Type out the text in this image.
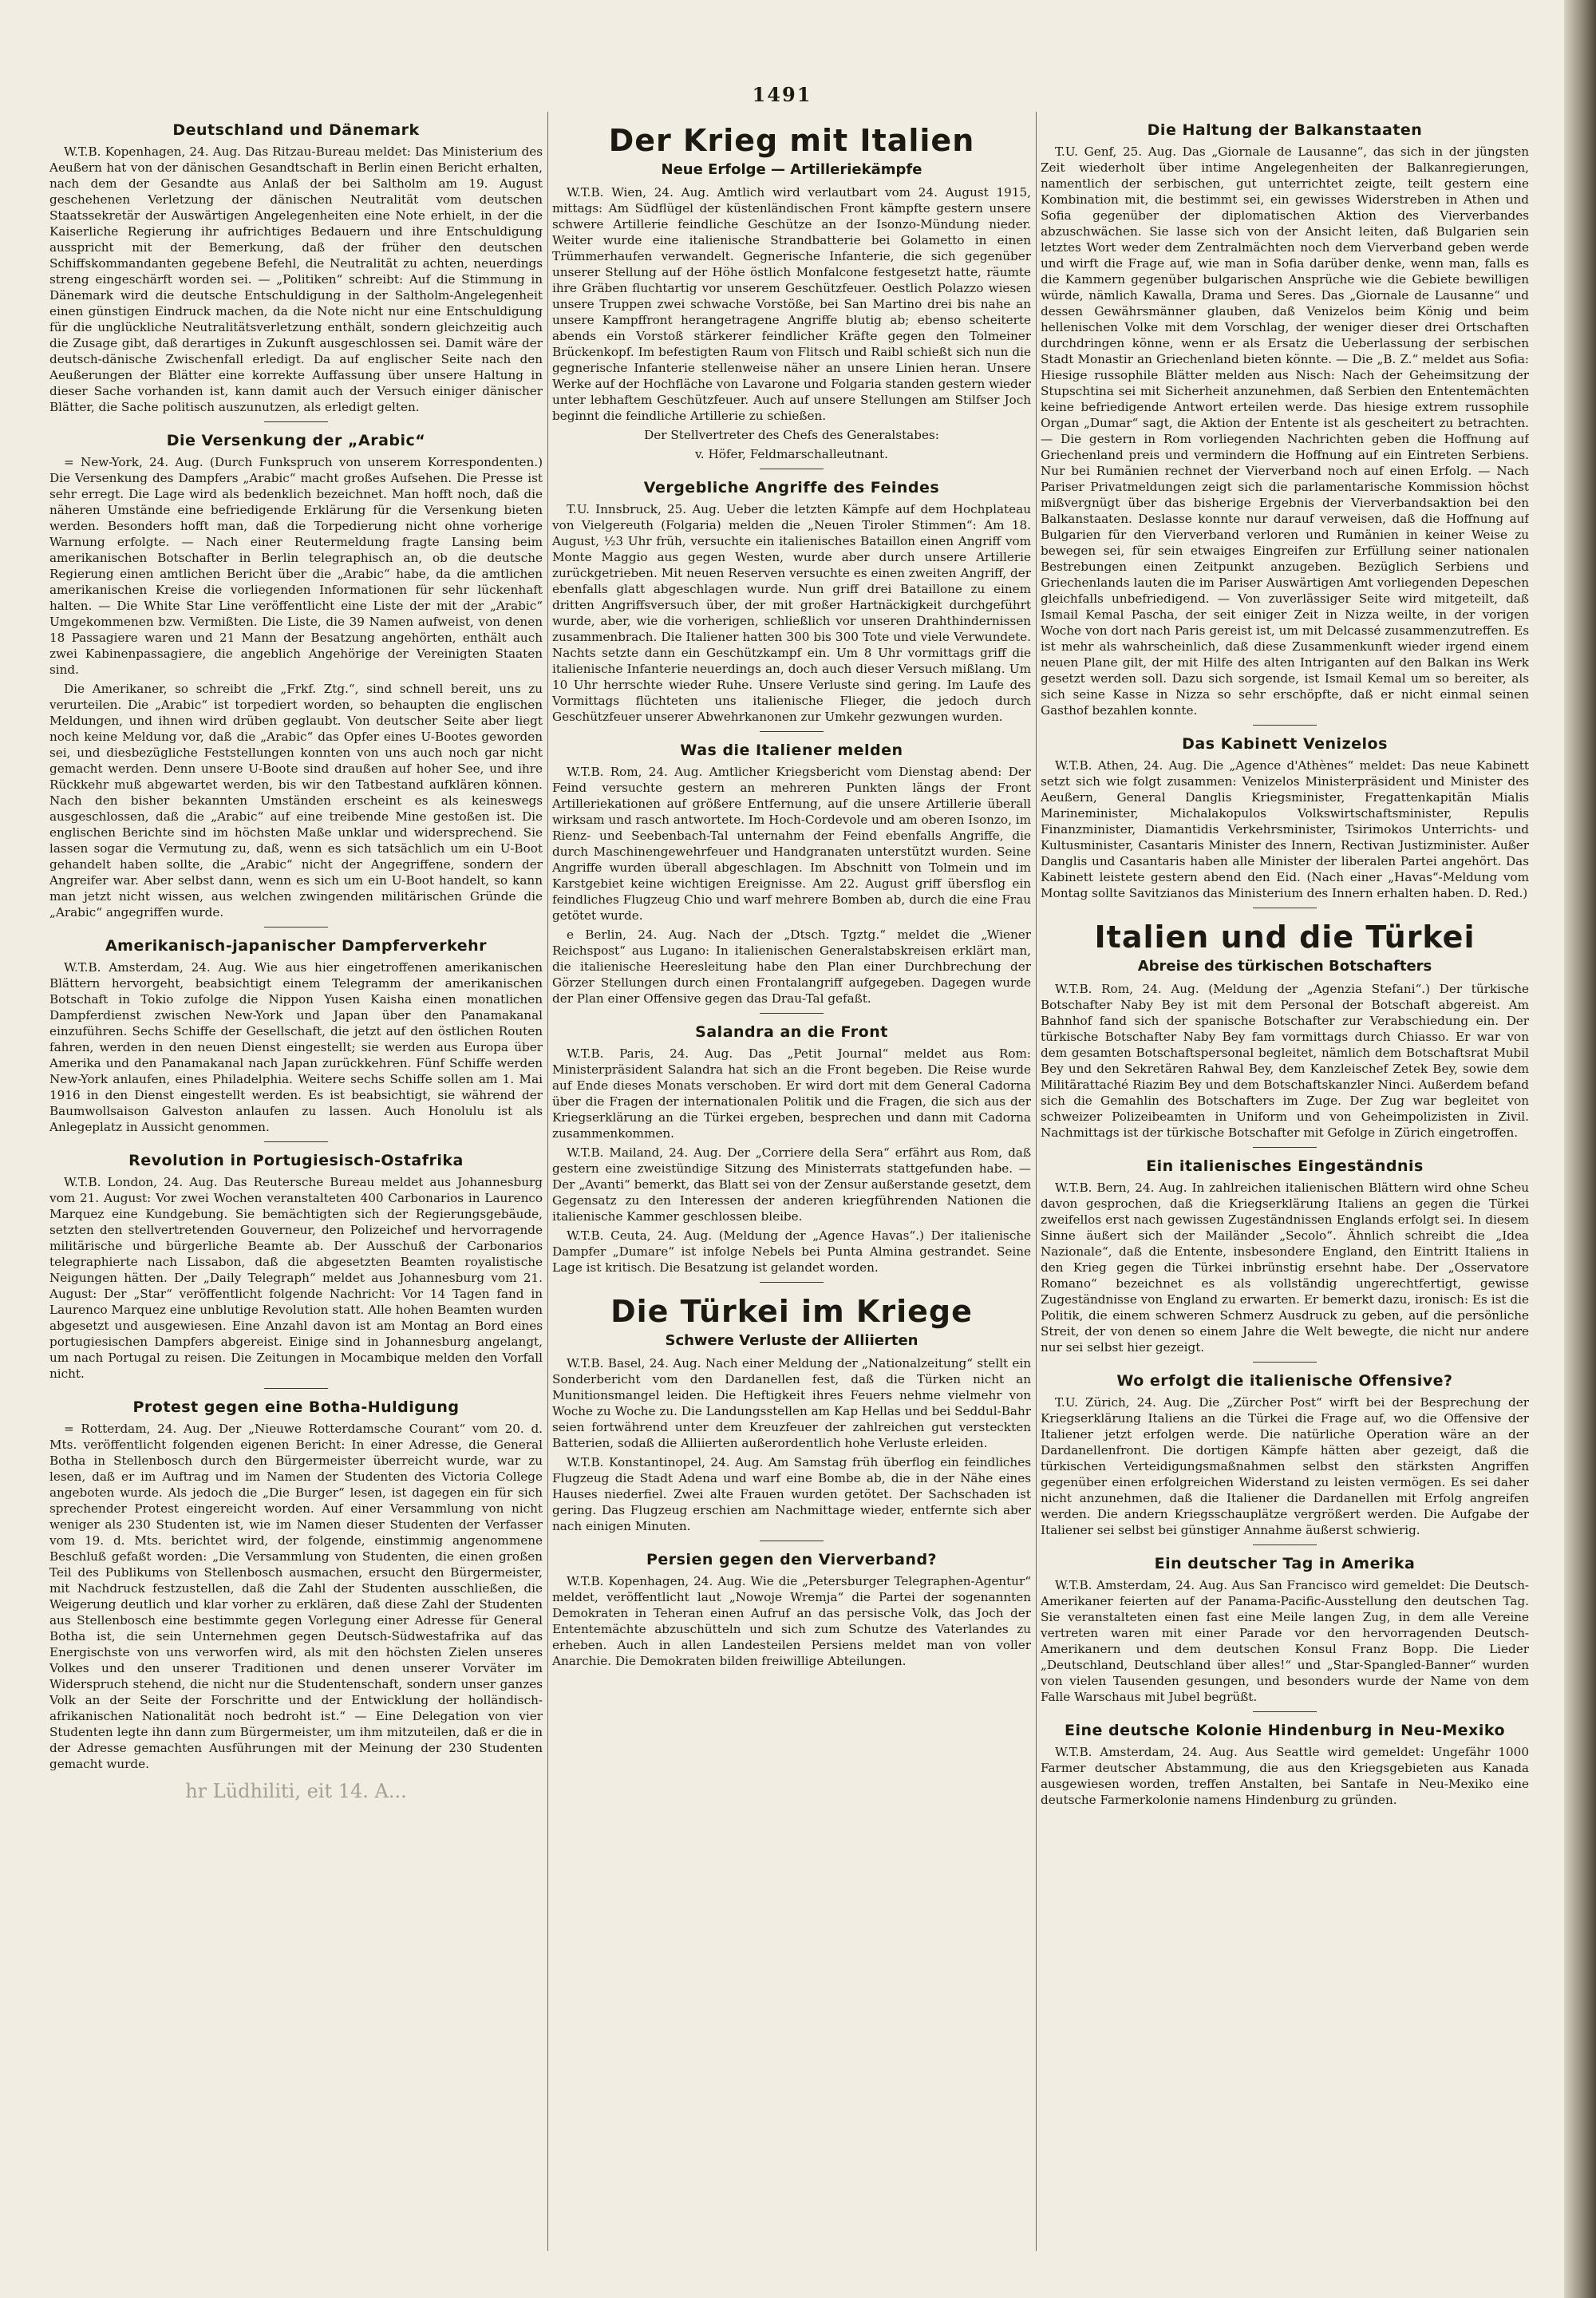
1491
Deutschland und Dänemark

W.T.B. Kopenhagen, 24. Aug. Das Ritzau-Bureau meldet: Das Ministerium des Aeußern hat von der dänischen Gesandtschaft in Berlin einen Bericht erhalten, nach dem der Gesandte aus Anlaß der bei Saltholm am 19. August geschehenen Verletzung der dänischen Neutralität vom deutschen Staatssekretär der Auswärtigen Angelegenheiten eine Note erhielt, in der die Kaiserliche Regierung ihr aufrichtiges Bedauern und ihre Entschuldigung ausspricht mit der Bemerkung, daß der früher den deutschen Schiffskommandanten gegebene Befehl, die Neutralität zu achten, neuerdings streng eingeschärft worden sei. — „Politiken“ schreibt: Auf die Stimmung in Dänemark wird die deutsche Entschuldigung in der Saltholm-Angelegenheit einen günstigen Eindruck machen, da die Note nicht nur eine Entschuldigung für die unglückliche Neutralitätsverletzung enthält, sondern gleichzeitig auch die Zusage gibt, daß derartiges in Zukunft ausgeschlossen sei. Damit wäre der deutsch-dänische Zwischenfall erledigt. Da auf englischer Seite nach den Aeußerungen der Blätter eine korrekte Auffassung über unsere Haltung in dieser Sache vorhanden ist, kann damit auch der Versuch einiger dänischer Blätter, die Sache politisch auszunutzen, als erledigt gelten.

Die Versenkung der „Arabic“

= New-York, 24. Aug. (Durch Funkspruch von unserem Korrespondenten.) Die Versenkung des Dampfers „Arabic“ macht großes Aufsehen. Die Presse ist sehr erregt. Die Lage wird als bedenklich bezeichnet. Man hofft noch, daß die näheren Umstände eine befriedigende Erklärung für die Versenkung bieten werden. Besonders hofft man, daß die Torpedierung nicht ohne vorherige Warnung erfolgte. — Nach einer Reutermeldung fragte Lansing beim amerikanischen Botschafter in Berlin telegraphisch an, ob die deutsche Regierung einen amtlichen Bericht über die „Arabic“ habe, da die amtlichen amerikanischen Kreise die vorliegenden Informationen für sehr lückenhaft halten. — Die White Star Line veröffentlicht eine Liste der mit der „Arabic“ Umgekommenen bzw. Vermißten. Die Liste, die 39 Namen aufweist, von denen 18 Passagiere waren und 21 Mann der Besatzung angehörten, enthält auch zwei Kabinenpassagiere, die angeblich Angehörige der Vereinigten Staaten sind.

Die Amerikaner, so schreibt die „Frkf. Ztg.“, sind schnell bereit, uns zu verurteilen. Die „Arabic“ ist torpediert worden, so behaupten die englischen Meldungen, und ihnen wird drüben geglaubt. Von deutscher Seite aber liegt noch keine Meldung vor, daß die „Arabic“ das Opfer eines U-Bootes geworden sei, und diesbezügliche Feststellungen konnten von uns auch noch gar nicht gemacht werden. Denn unsere U-Boote sind draußen auf hoher See, und ihre Rückkehr muß abgewartet werden, bis wir den Tatbestand aufklären können. Nach den bisher bekannten Umständen erscheint es als keineswegs ausgeschlossen, daß die „Arabic“ auf eine treibende Mine gestoßen ist. Die englischen Berichte sind im höchsten Maße unklar und widersprechend. Sie lassen sogar die Vermutung zu, daß, wenn es sich tatsächlich um ein U-Boot gehandelt haben sollte, die „Arabic“ nicht der Angegriffene, sondern der Angreifer war. Aber selbst dann, wenn es sich um ein U-Boot handelt, so kann man jetzt nicht wissen, aus welchen zwingenden militärischen Gründe die „Arabic“ angegriffen wurde.

Amerikanisch-japanischer Dampferverkehr

W.T.B. Amsterdam, 24. Aug. Wie aus hier eingetroffenen amerikanischen Blättern hervorgeht, beabsichtigt einem Telegramm der amerikanischen Botschaft in Tokio zufolge die Nippon Yusen Kaisha einen monatlichen Dampferdienst zwischen New-York und Japan über den Panamakanal einzuführen. Sechs Schiffe der Gesellschaft, die jetzt auf den östlichen Routen fahren, werden in den neuen Dienst eingestellt; sie werden aus Europa über Amerika und den Panamakanal nach Japan zurückkehren. Fünf Schiffe werden New-York anlaufen, eines Philadelphia. Weitere sechs Schiffe sollen am 1. Mai 1916 in den Dienst eingestellt werden. Es ist beabsichtigt, sie während der Baumwollsaison Galveston anlaufen zu lassen. Auch Honolulu ist als Anlegeplatz in Aussicht genommen.

Revolution in Portugiesisch-Ostafrika

W.T.B. London, 24. Aug. Das Reutersche Bureau meldet aus Johannesburg vom 21. August: Vor zwei Wochen veranstalteten 400 Carbonarios in Laurenco Marquez eine Kundgebung. Sie bemächtigten sich der Regierungsgebäude, setzten den stellvertretenden Gouverneur, den Polizeichef und hervorragende militärische und bürgerliche Beamte ab. Der Ausschuß der Carbonarios telegraphierte nach Lissabon, daß die abgesetzten Beamten royalistische Neigungen hätten. Der „Daily Telegraph“ meldet aus Johannesburg vom 21. August: Der „Star“ veröffentlicht folgende Nachricht: Vor 14 Tagen fand in Laurenco Marquez eine unblutige Revolution statt. Alle hohen Beamten wurden abgesetzt und ausgewiesen. Eine Anzahl davon ist am Montag an Bord eines portugiesischen Dampfers abgereist. Einige sind in Johannesburg angelangt, um nach Portugal zu reisen. Die Zeitungen in Mocambique melden den Vorfall nicht.

Protest gegen eine Botha-Huldigung

= Rotterdam, 24. Aug. Der „Nieuwe Rotterdamsche Courant“ vom 20. d. Mts. veröffentlicht folgenden eigenen Bericht: In einer Adresse, die General Botha in Stellenbosch durch den Bürgermeister überreicht wurde, war zu lesen, daß er im Auftrag und im Namen der Studenten des Victoria College angeboten wurde. Als jedoch die „Die Burger“ lesen, ist dagegen ein für sich sprechender Protest eingereicht worden. Auf einer Versammlung von nicht weniger als 230 Studenten ist, wie im Namen dieser Studenten der Verfasser vom 19. d. Mts. berichtet wird, der folgende, einstimmig angenommene Beschluß gefaßt worden: „Die Versammlung von Studenten, die einen großen Teil des Publikums von Stellenbosch ausmachen, ersucht den Bürgermeister, mit Nachdruck festzustellen, daß die Zahl der Studenten ausschließen, die Weigerung deutlich und klar vorher zu erklären, daß diese Zahl der Studenten aus Stellenbosch eine bestimmte gegen Vorlegung einer Adresse für General Botha ist, die sein Unternehmen gegen Deutsch-Südwestafrika auf das Energischste von uns verworfen wird, als mit den höchsten Zielen unseres Volkes und den unserer Traditionen und denen unserer Vorväter im Widerspruch stehend, die nicht nur die Studentenschaft, sondern unser ganzes Volk an der Seite der Forschritte und der Entwicklung der holländisch-afrikanischen Nationalität noch bedroht ist.“ — Eine Delegation von vier Studenten legte ihn dann zum Bürgermeister, um ihm mitzuteilen, daß er die in der Adresse gemachten Ausführungen mit der Meinung der 230 Studenten gemacht wurde.

hr Lüdhiliti, eit 14. A...
Der Krieg mit Italien
Neue Erfolge — Artilleriekämpfe

W.T.B. Wien, 24. Aug. Amtlich wird verlautbart vom 24. August 1915, mittags: Am Südflügel der küstenländischen Front kämpfte gestern unsere schwere Artillerie feindliche Geschütze an der Isonzo-Mündung nieder. Weiter wurde eine italienische Strandbatterie bei Golametto in einen Trümmerhaufen verwandelt. Gegnerische Infanterie, die sich gegenüber unserer Stellung auf der Höhe östlich Monfalcone festgesetzt hatte, räumte ihre Gräben fluchtartig vor unserem Geschützfeuer. Oestlich Polazzo wiesen unsere Truppen zwei schwache Vorstöße, bei San Martino drei bis nahe an unsere Kampffront herangetragene Angriffe blutig ab; ebenso scheiterte abends ein Vorstoß stärkerer feindlicher Kräfte gegen den Tolmeiner Brückenkopf. Im befestigten Raum von Flitsch und Raibl schießt sich nun die gegnerische Infanterie stellenweise näher an unsere Linien heran. Unsere Werke auf der Hochfläche von Lavarone und Folgaria standen gestern wieder unter lebhaftem Geschützfeuer. Auch auf unsere Stellungen am Stilfser Joch beginnt die feindliche Artillerie zu schießen.

Der Stellvertreter des Chefs des Generalstabes:

v. Höfer, Feldmarschalleutnant.

Vergebliche Angriffe des Feindes

T.U. Innsbruck, 25. Aug. Ueber die letzten Kämpfe auf dem Hochplateau von Vielgereuth (Folgaria) melden die „Neuen Tiroler Stimmen“: Am 18. August, ½3 Uhr früh, versuchte ein italienisches Bataillon einen Angriff vom Monte Maggio aus gegen Westen, wurde aber durch unsere Artillerie zurückgetrieben. Mit neuen Reserven versuchte es einen zweiten Angriff, der ebenfalls glatt abgeschlagen wurde. Nun griff drei Bataillone zu einem dritten Angriffsversuch über, der mit großer Hartnäckigkeit durchgeführt wurde, aber, wie die vorherigen, schließlich vor unseren Drahthindernissen zusammenbrach. Die Italiener hatten 300 bis 300 Tote und viele Verwundete. Nachts setzte dann ein Geschützkampf ein. Um 8 Uhr vormittags griff die italienische Infanterie neuerdings an, doch auch dieser Versuch mißlang. Um 10 Uhr herrschte wieder Ruhe. Unsere Verluste sind gering. Im Laufe des Vormittags flüchteten uns italienische Flieger, die jedoch durch Geschützfeuer unserer Abwehrkanonen zur Umkehr gezwungen wurden.

Was die Italiener melden

W.T.B. Rom, 24. Aug. Amtlicher Kriegsbericht vom Dienstag abend: Der Feind versuchte gestern an mehreren Punkten längs der Front Artilleriekationen auf größere Entfernung, auf die unsere Artillerie überall wirksam und rasch antwortete. Im Hoch-Cordevole und am oberen Isonzo, im Rienz- und Seebenbach-Tal unternahm der Feind ebenfalls Angriffe, die durch Maschinengewehrfeuer und Handgranaten unterstützt wurden. Seine Angriffe wurden überall abgeschlagen. Im Abschnitt von Tolmein und im Karstgebiet keine wichtigen Ereignisse. Am 22. August griff übersflog ein feindliches Flugzeug Chio und warf mehrere Bomben ab, durch die eine Frau getötet wurde.

e Berlin, 24. Aug. Nach der „Dtsch. Tgztg.“ meldet die „Wiener Reichspost“ aus Lugano: In italienischen Generalstabskreisen erklärt man, die italienische Heeresleitung habe den Plan einer Durchbrechung der Görzer Stellungen durch einen Frontalangriff aufgegeben. Dagegen wurde der Plan einer Offensive gegen das Drau-Tal gefaßt.

Salandra an die Front

W.T.B. Paris, 24. Aug. Das „Petit Journal“ meldet aus Rom: Ministerpräsident Salandra hat sich an die Front begeben. Die Reise wurde auf Ende dieses Monats verschoben. Er wird dort mit dem General Cadorna über die Fragen der internationalen Politik und die Fragen, die sich aus der Kriegserklärung an die Türkei ergeben, besprechen und dann mit Cadorna zusammenkommen.

W.T.B. Mailand, 24. Aug. Der „Corriere della Sera“ erfährt aus Rom, daß gestern eine zweistündige Sitzung des Ministerrats stattgefunden habe. — Der „Avanti“ bemerkt, das Blatt sei von der Zensur außerstande gesetzt, dem Gegensatz zu den Interessen der anderen kriegführenden Nationen die italienische Kammer geschlossen bleibe.

W.T.B. Ceuta, 24. Aug. (Meldung der „Agence Havas“.) Der italienische Dampfer „Dumare“ ist infolge Nebels bei Punta Almina gestrandet. Seine Lage ist kritisch. Die Besatzung ist gelandet worden.

Die Türkei im Kriege
Schwere Verluste der Alliierten

W.T.B. Basel, 24. Aug. Nach einer Meldung der „Nationalzeitung“ stellt ein Sonderbericht vom den Dardanellen fest, daß die Türken nicht an Munitionsmangel leiden. Die Heftigkeit ihres Feuers nehme vielmehr von Woche zu Woche zu. Die Landungsstellen am Kap Hellas und bei Seddul-Bahr seien fortwährend unter dem Kreuzfeuer der zahlreichen gut versteckten Batterien, sodaß die Alliierten außerordentlich hohe Verluste erleiden.

W.T.B. Konstantinopel, 24. Aug. Am Samstag früh überflog ein feindliches Flugzeug die Stadt Adena und warf eine Bombe ab, die in der Nähe eines Hauses niederfiel. Zwei alte Frauen wurden getötet. Der Sachschaden ist gering. Das Flugzeug erschien am Nachmittage wieder, entfernte sich aber nach einigen Minuten.

Persien gegen den Vierverband?

W.T.B. Kopenhagen, 24. Aug. Wie die „Petersburger Telegraphen-Agentur“ meldet, veröffentlicht laut „Nowoje Wremja“ die Partei der sogenannten Demokraten in Teheran einen Aufruf an das persische Volk, das Joch der Ententemächte abzuschütteln und sich zum Schutze des Vaterlandes zu erheben. Auch in allen Landesteilen Persiens meldet man von voller Anarchie. Die Demokraten bilden freiwillige Abteilungen.

Die Haltung der Balkanstaaten

T.U. Genf, 25. Aug. Das „Giornale de Lausanne“, das sich in der jüngsten Zeit wiederholt über intime Angelegenheiten der Balkanregierungen, namentlich der serbischen, gut unterrichtet zeigte, teilt gestern eine Kombination mit, die bestimmt sei, ein gewisses Widerstreben in Athen und Sofia gegenüber der diplomatischen Aktion des Vierverbandes abzuschwächen. Sie lasse sich von der Ansicht leiten, daß Bulgarien sein letztes Wort weder dem Zentralmächten noch dem Vierverband geben werde und wirft die Frage auf, wie man in Sofia darüber denke, wenn man, falls es die Kammern gegenüber bulgarischen Ansprüche wie die Gebiete bewilligen würde, nämlich Kawalla, Drama und Seres. Das „Giornale de Lausanne“ und dessen Gewährsmänner glauben, daß Venizelos beim König und beim hellenischen Volke mit dem Vorschlag, der weniger dieser drei Ortschaften durchdringen könne, wenn er als Ersatz die Ueberlassung der serbischen Stadt Monastir an Griechenland bieten könnte. — Die „B. Z.“ meldet aus Sofia: Hiesige russophile Blätter melden aus Nisch: Nach der Geheimsitzung der Stupschtina sei mit Sicherheit anzunehmen, daß Serbien den Ententemächten keine befriedigende Antwort erteilen werde. Das hiesige extrem russophile Organ „Dumar“ sagt, die Aktion der Entente ist als gescheitert zu betrachten. — Die gestern in Rom vorliegenden Nachrichten geben die Hoffnung auf Griechenland preis und vermindern die Hoffnung auf ein Eintreten Serbiens. Nur bei Rumänien rechnet der Vierverband noch auf einen Erfolg. — Nach Pariser Privatmeldungen zeigt sich die parlamentarische Kommission höchst mißvergnügt über das bisherige Ergebnis der Vierverbandsaktion bei den Balkanstaaten. Deslasse konnte nur darauf verweisen, daß die Hoffnung auf Bulgarien für den Vierverband verloren und Rumänien in keiner Weise zu bewegen sei, für sein etwaiges Eingreifen zur Erfüllung seiner nationalen Bestrebungen einen Zeitpunkt anzugeben. Bezüglich Serbiens und Griechenlands lauten die im Pariser Auswärtigen Amt vorliegenden Depeschen gleichfalls unbefriedigend. — Von zuverlässiger Seite wird mitgeteilt, daß Ismail Kemal Pascha, der seit einiger Zeit in Nizza weilte, in der vorigen Woche von dort nach Paris gereist ist, um mit Delcassé zusammenzutreffen. Es ist mehr als wahrscheinlich, daß diese Zusammenkunft wieder irgend einem neuen Plane gilt, der mit Hilfe des alten Intriganten auf den Balkan ins Werk gesetzt werden soll. Dazu sich sorgende, ist Ismail Kemal um so bereiter, als sich seine Kasse in Nizza so sehr erschöpfte, daß er nicht einmal seinen Gasthof bezahlen konnte.

Das Kabinett Venizelos

W.T.B. Athen, 24. Aug. Die „Agence d'Athènes“ meldet: Das neue Kabinett setzt sich wie folgt zusammen: Venizelos Ministerpräsident und Minister des Aeußern, General Danglis Kriegsminister, Fregattenkapitän Mialis Marineminister, Michalakopulos Volkswirtschaftsminister, Repulis Finanzminister, Diamantidis Verkehrsminister, Tsirimokos Unterrichts- und Kultusminister, Casantaris Minister des Innern, Rectivan Justizminister. Außer Danglis und Casantaris haben alle Minister der liberalen Partei angehört. Das Kabinett leistete gestern abend den Eid. (Nach einer „Havas“-Meldung vom Montag sollte Savitzianos das Ministerium des Innern erhalten haben. D. Red.)

Italien und die Türkei
Abreise des türkischen Botschafters

W.T.B. Rom, 24. Aug. (Meldung der „Agenzia Stefani“.) Der türkische Botschafter Naby Bey ist mit dem Personal der Botschaft abgereist. Am Bahnhof fand sich der spanische Botschafter zur Verabschiedung ein. Der türkische Botschafter Naby Bey fam vormittags durch Chiasso. Er war von dem gesamten Botschaftspersonal begleitet, nämlich dem Botschaftsrat Mubil Bey und den Sekretären Rahwal Bey, dem Kanzleischef Zetek Bey, sowie dem Militärattaché Riazim Bey und dem Botschaftskanzler Ninci. Außerdem befand sich die Gemahlin des Botschafters im Zuge. Der Zug war begleitet von schweizer Polizeibeamten in Uniform und von Geheimpolizisten in Zivil. Nachmittags ist der türkische Botschafter mit Gefolge in Zürich eingetroffen.

Ein italienisches Eingeständnis

W.T.B. Bern, 24. Aug. In zahlreichen italienischen Blättern wird ohne Scheu davon gesprochen, daß die Kriegserklärung Italiens an gegen die Türkei zweifellos erst nach gewissen Zugeständnissen Englands erfolgt sei. In diesem Sinne äußert sich der Mailänder „Secolo“. Ähnlich schreibt die „Idea Nazionale“, daß die Entente, insbesondere England, den Eintritt Italiens in den Krieg gegen die Türkei inbrünstig ersehnt habe. Der „Osservatore Romano“ bezeichnet es als vollständig ungerechtfertigt, gewisse Zugeständnisse von England zu erwarten. Er bemerkt dazu, ironisch: Es ist die Politik, die einem schweren Schmerz Ausdruck zu geben, auf die persönliche Streit, der von denen so einem Jahre die Welt bewegte, die nicht nur andere nur sei selbst hier gezeigt.

Wo erfolgt die italienische Offensive?

T.U. Zürich, 24. Aug. Die „Zürcher Post“ wirft bei der Besprechung der Kriegserklärung Italiens an die Türkei die Frage auf, wo die Offensive der Italiener jetzt erfolgen werde. Die natürliche Operation wäre an der Dardanellenfront. Die dortigen Kämpfe hätten aber gezeigt, daß die türkischen Verteidigungsmaßnahmen selbst den stärksten Angriffen gegenüber einen erfolgreichen Widerstand zu leisten vermögen. Es sei daher nicht anzunehmen, daß die Italiener die Dardanellen mit Erfolg angreifen werden. Die andern Kriegsschauplätze vergrößert werden. Die Aufgabe der Italiener sei selbst bei günstiger Annahme äußerst schwierig.

Ein deutscher Tag in Amerika

W.T.B. Amsterdam, 24. Aug. Aus San Francisco wird gemeldet: Die Deutsch-Amerikaner feierten auf der Panama-Pacific-Ausstellung den deutschen Tag. Sie veranstalteten einen fast eine Meile langen Zug, in dem alle Vereine vertreten waren mit einer Parade vor den hervorragenden Deutsch-Amerikanern und dem deutschen Konsul Franz Bopp. Die Lieder „Deutschland, Deutschland über alles!“ und „Star-Spangled-Banner“ wurden von vielen Tausenden gesungen, und besonders wurde der Name von dem Falle Warschaus mit Jubel begrüßt.

Eine deutsche Kolonie Hindenburg in Neu-Mexiko

W.T.B. Amsterdam, 24. Aug. Aus Seattle wird gemeldet: Ungefähr 1000 Farmer deutscher Abstammung, die aus den Kriegsgebieten aus Kanada ausgewiesen worden, treffen Anstalten, bei Santafe in Neu-Mexiko eine deutsche Farmerkolonie namens Hindenburg zu gründen.
